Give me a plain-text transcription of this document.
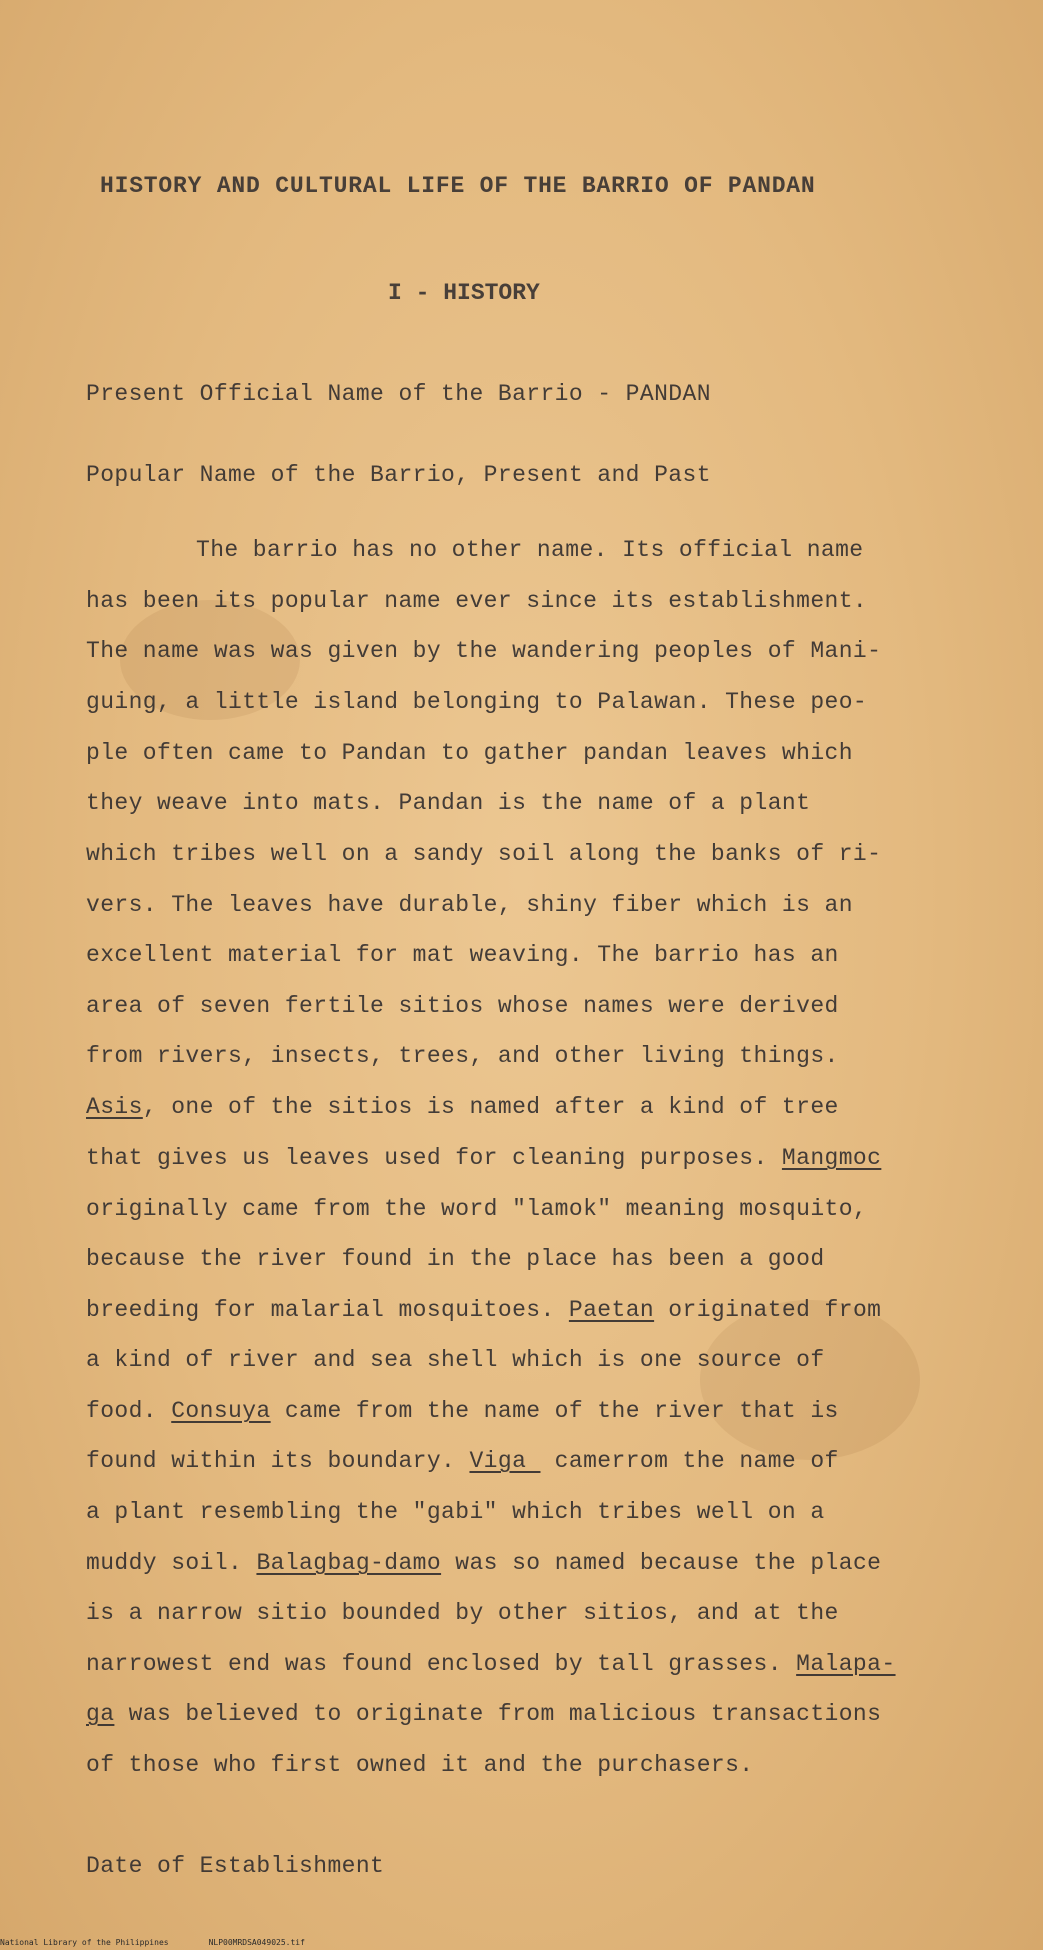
HISTORY AND CULTURAL LIFE OF THE BARRIO OF PANDAN
I - HISTORY
Present Official Name of the Barrio - PANDAN
Popular Name of the Barrio, Present and Past
The barrio has no other name. Its official name
has been its popular name ever since its establishment.
The name was was given by the wandering peoples of Mani-
guing, a little island belonging to Palawan. These peo-
ple often came to Pandan to gather pandan leaves which
they weave into mats. Pandan is the name of a plant
which tribes well on a sandy soil along the banks of ri-
vers. The leaves have durable, shiny fiber which is an
excellent material for mat weaving. The barrio has an
area of seven fertile sitios whose names were derived
from rivers, insects, trees, and other living things.
Asis, one of the sitios is named after a kind of tree
that gives us leaves used for cleaning purposes. Mangmoc
originally came from the word "lamok" meaning mosquito,
because the river found in the place has been a good
breeding for malarial mosquitoes. Paetan originated from
a kind of river and sea shell which is one source of
food. Consuya came from the name of the river that is
found within its boundary. Viga  camerrom the name of
a plant resembling the "gabi" which tribes well on a
muddy soil. Balagbag-damo was so named because the place
is a narrow sitio bounded by other sitios, and at the
narrowest end was found enclosed by tall grasses. Malapa-
ga was believed to originate from malicious transactions
of those who first owned it and the purchasers.
Date of Establishment
National Library of the Philippines	NLP00MRDSA049025.tif
